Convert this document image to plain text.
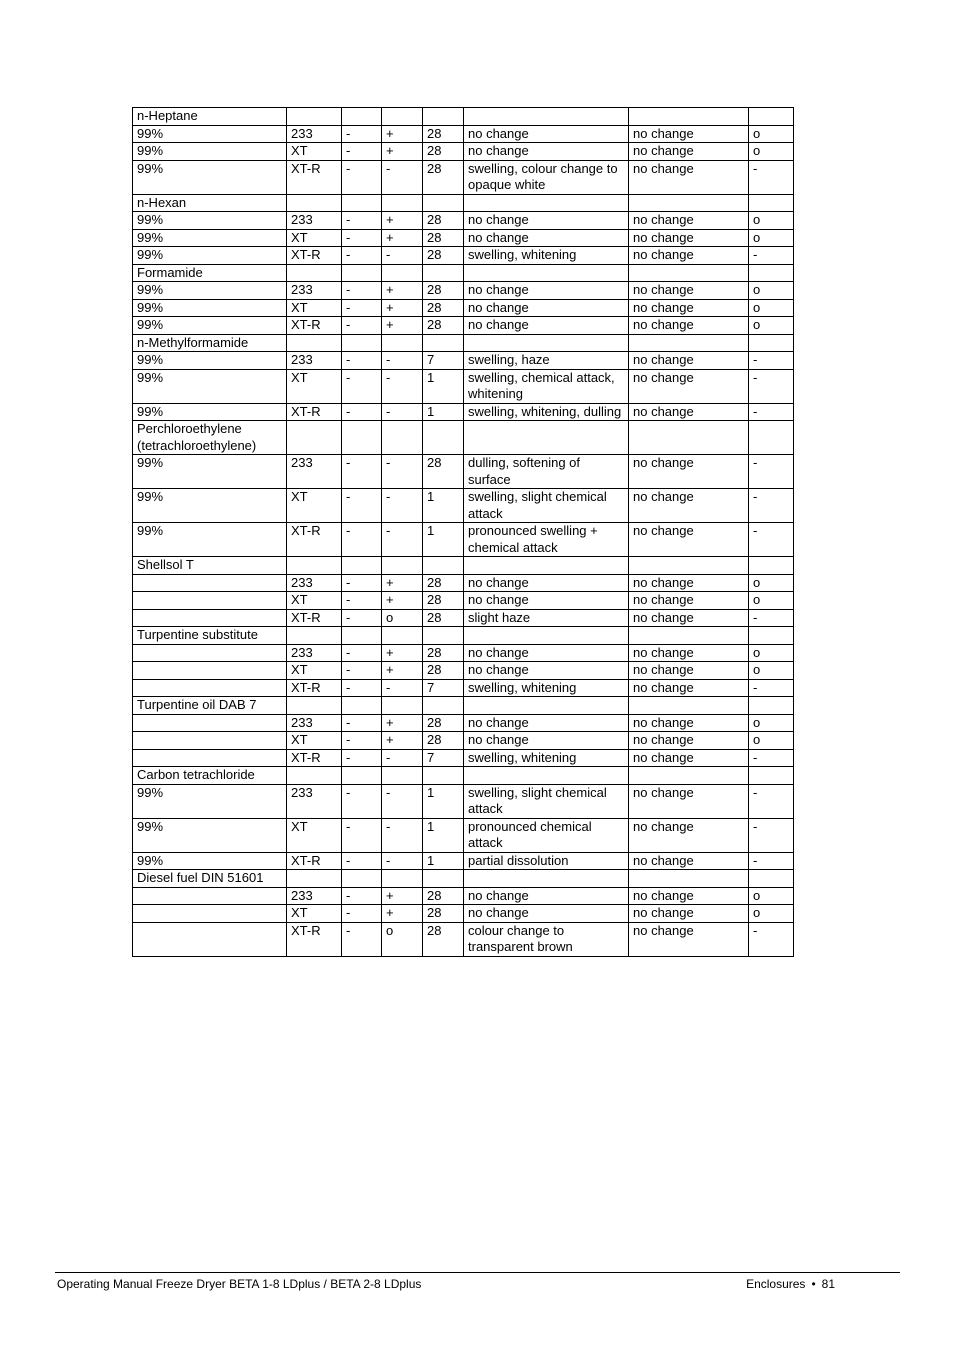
n-Heptane							
99%	233	-	+	28	no change	no change	o
99%	XT	-	+	28	no change	no change	o
99%	XT-R	-	-	28	swelling, colour change to opaque white	no change	-
n-Hexan							
99%	233	-	+	28	no change	no change	o
99%	XT	-	+	28	no change	no change	o
99%	XT-R	-	-	28	swelling, whitening	no change	-
Formamide							
99%	233	-	+	28	no change	no change	o
99%	XT	-	+	28	no change	no change	o
99%	XT-R	-	+	28	no change	no change	o
n-Methylformamide							
99%	233	-	-	7	swelling, haze	no change	-
99%	XT	-	-	1	swelling, chemical attack, whitening	no change	-
99%	XT-R	-	-	1	swelling, whitening, dulling	no change	-
Perchloroethylene (tetrachloroethylene)							
99%	233	-	-	28	dulling, softening of surface	no change	-
99%	XT	-	-	1	swelling, slight chemical attack	no change	-
99%	XT-R	-	-	1	pronounced swelling + chemical attack	no change	-
Shellsol T							
	233	-	+	28	no change	no change	o
	XT	-	+	28	no change	no change	o
	XT-R	-	o	28	slight haze	no change	-
Turpentine substitute							
	233	-	+	28	no change	no change	o
	XT	-	+	28	no change	no change	o
	XT-R	-	-	7	swelling, whitening	no change	-
Turpentine oil DAB 7							
	233	-	+	28	no change	no change	o
	XT	-	+	28	no change	no change	o
	XT-R	-	-	7	swelling, whitening	no change	-
Carbon tetrachloride							
99%	233	-	-	1	swelling, slight chemical attack	no change	-
99%	XT	-	-	1	pronounced chemical attack	no change	-
99%	XT-R	-	-	1	partial dissolution	no change	-
Diesel fuel DIN 51601							
	233	-	+	28	no change	no change	o
	XT	-	+	28	no change	no change	o
	XT-R	-	o	28	colour change to transparent brown	no change	-
Operating Manual Freeze Dryer BETA 1-8 LDplus / BETA 2-8 LDplus	Enclosures • 81
